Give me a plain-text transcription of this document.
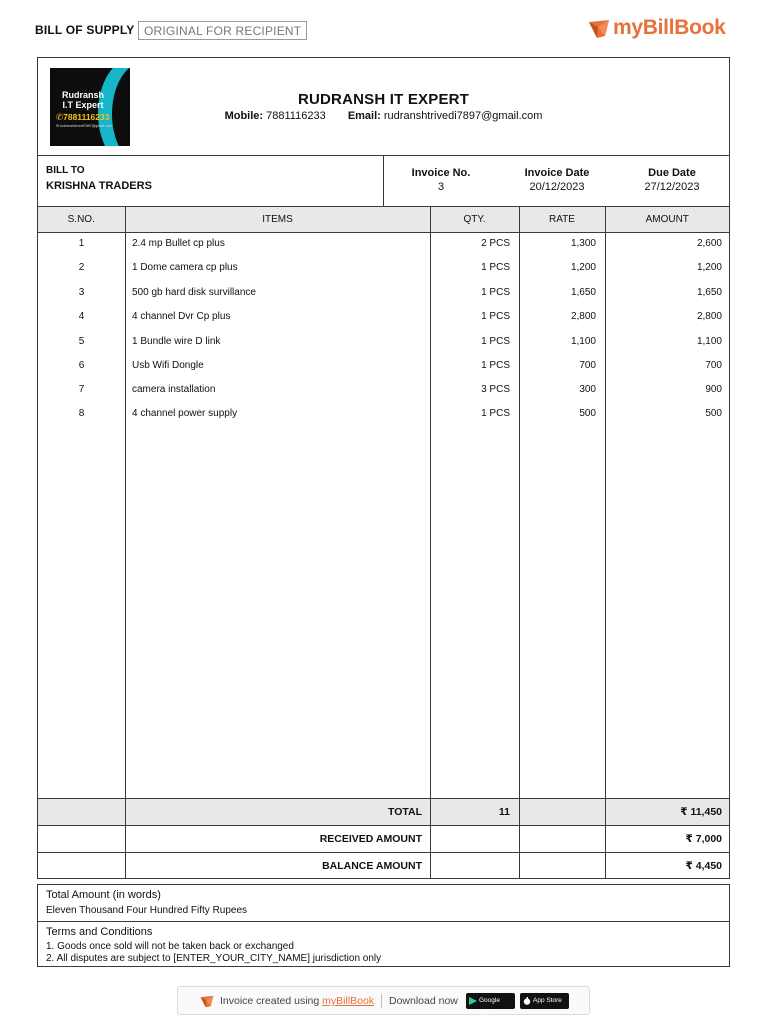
BILL OF SUPPLY ORIGINAL FOR RECIPIENT	myBillBook
Rudransh
I.T Expert
✆7881116233
✉ rudranshtrivedi7897@gmail.com
RUDRANSH IT EXPERT
Mobile: 7881116233 Email: rudranshtrivedi7897@gmail.com
BILL TO
KRISHNA TRADERS
Invoice No.
3
Invoice Date
20/12/2023
Due Date
27/12/2023
S.NO.	ITEMS	QTY.	RATE	AMOUNT
1	2.4 mp Bullet cp plus	2 PCS	1,300	2,600
2	1 Dome camera cp plus	1 PCS	1,200	1,200
3	500 gb hard disk survillance	1 PCS	1,650	1,650
4	4 channel Dvr Cp plus	1 PCS	2,800	2,800
5	1 Bundle wire D link	1 PCS	1,100	1,100
6	Usb Wifi Dongle	1 PCS	700	700
7	camera installation	3 PCS	300	900
8	4 channel power supply	1 PCS	500	500
TOTAL	11	₹ 11,450
RECEIVED AMOUNT	₹ 7,000
BALANCE AMOUNT	₹ 4,450
Total Amount (in words)
Eleven Thousand Four Hundred Fifty Rupees
Terms and Conditions
1. Goods once sold will not be taken back or exchanged
2. All disputes are subject to [ENTER_YOUR_CITY_NAME] jurisdiction only
Invoice created using myBillBook Download now	Google Play
App Store
